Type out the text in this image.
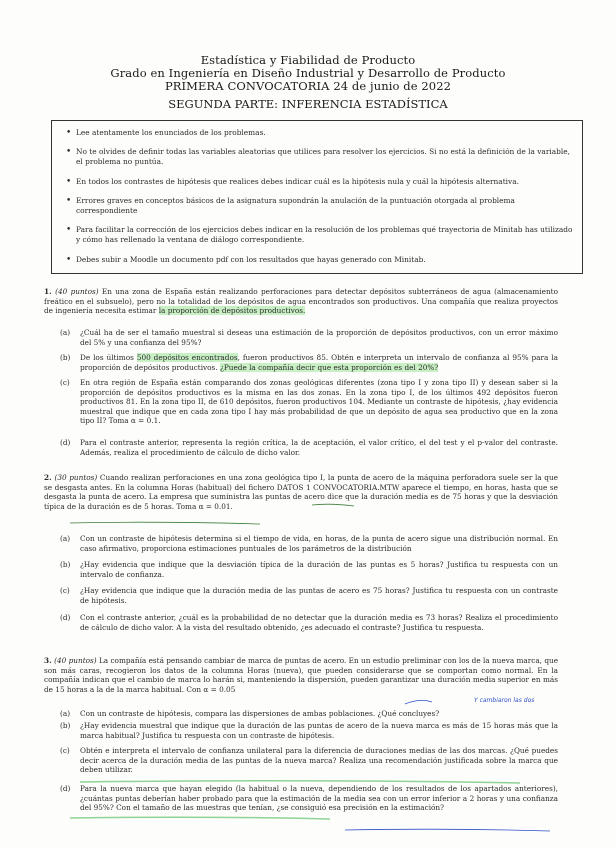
Estadística y Fiabilidad de Producto
Grado en Ingeniería en Diseño Industrial y Desarrollo de Producto
PRIMERA CONVOCATORIA 24 de junio de 2022
SEGUNDA PARTE: INFERENCIA ESTADÍSTICA
• Lee atentamente los enunciados de los problemas.
• No te olvides de definir todas las variables aleatorias que utilices para resolver los ejercicios. Si no está la definición de la variable, el problema no puntúa.
• En todos los contrastes de hipótesis que realices debes indicar cuál es la hipótesis nula y cuál la hipótesis alternativa.
• Errores graves en conceptos básicos de la asignatura supondrán la anulación de la puntuación otorgada al problema correspondiente
• Para facilitar la corrección de los ejercicios debes indicar en la resolución de los problemas qué trayectoria de Minitab has utilizado y cómo has rellenado la ventana de diálogo correspondiente.
• Debes subir a Moodle un documento pdf con los resultados que hayas generado con Minitab.
1. (40 puntos) En una zona de España están realizando perforaciones para detectar depósitos subterráneos de agua (almacenamiento freático en el subsuelo), pero no la totalidad de los depósitos de agua encontrados son productivos. Una compañía que realiza proyectos de ingeniería necesita estimar la proporción de depósitos productivos.
(a) ¿Cuál ha de ser el tamaño muestral si deseas una estimación de la proporción de depósitos productivos, con un error máximo del 5% y una confianza del 95%?
(b) De los últimos 500 depósitos encontrados, fueron productivos 85. Obtén e interpreta un intervalo de confianza al 95% para la proporción de depósitos productivos. ¿Puede la compañía decir que esta proporción es del 20%?
(c) En otra región de España están comparando dos zonas geológicas diferentes (zona tipo I y zona tipo II) y desean saber si la proporción de depósitos productivos es la misma en las dos zonas. En la zona tipo I, de los últimos 492 depósitos fueron productivos 81. En la zona tipo II, de 610 depósitos, fueron productivos 104. Mediante un contraste de hipótesis, ¿hay evidencia muestral que indique que en cada zona tipo I hay más probabilidad de que un depósito de agua sea productivo que en la zona tipo II? Toma α = 0.1.
(d) Para el contraste anterior, representa la región crítica, la de aceptación, el valor crítico, el del test y el p-valor del contraste. Además, realiza el procedimiento de cálculo de dicho valor.
2. (30 puntos) Cuando realizan perforaciones en una zona geológica tipo I, la punta de acero de la máquina perforadora suele ser la que se desgasta antes. En la columna Horas (habitual) del fichero DATOS 1 CONVOCATORIA.MTW aparece el tiempo, en horas, hasta que se desgasta la punta de acero. La empresa que suministra las puntas de acero dice que la duración media es de 75 horas y que la desviación típica de la duración es de 5 horas. Toma α = 0.01.
(a) Con un contraste de hipótesis determina si el tiempo de vida, en horas, de la punta de acero sigue una distribución normal. En caso afirmativo, proporciona estimaciones puntuales de los parámetros de la distribución
(b) ¿Hay evidencia que indique que la desviación típica de la duración de las puntas es 5 horas? Justifica tu respuesta con un intervalo de confianza.
(c) ¿Hay evidencia que indique que la duración media de las puntas de acero es 75 horas? Justifica tu respuesta con un contraste de hipótesis.
(d) Con el contraste anterior, ¿cuál es la probabilidad de no detectar que la duración media es 73 horas? Realiza el procedimiento de cálculo de dicho valor. A la vista del resultado obtenido, ¿es adecuado el contraste? Justifica tu respuesta.
3. (40 puntos) La compañía está pensando cambiar de marca de puntas de acero. En un estudio preliminar con los de la nueva marca, que son más caras, recogieron los datos de la columna Horas (nueva), que pueden considerarse que se comportan como normal. En la compañía indican que el cambio de marca lo harán si, manteniendo la dispersión, pueden garantizar una duración media superior en más de 15 horas a la de la marca habitual. Con α = 0.05
Y cambiaron las dos
(a) Con un contraste de hipótesis, compara las dispersiones de ambas poblaciones. ¿Qué concluyes?
(b) ¿Hay evidencia muestral que indique que la duración de las puntas de acero de la nueva marca es más de 15 horas más que la marca habitual? Justifica tu respuesta con un contraste de hipótesis.
(c) Obtén e interpreta el intervalo de confianza unilateral para la diferencia de duraciones medias de las dos marcas. ¿Qué puedes decir acerca de la duración media de las puntas de la nueva marca? Realiza una recomendación justificada sobre la marca que deben utilizar.
(d) Para la nueva marca que hayan elegido (la habitual o la nueva, dependiendo de los resultados de los apartados anteriores), ¿cuántas puntas deberían haber probado para que la estimación de la media sea con un error inferior a 2 horas y una confianza del 95%? Con el tamaño de las muestras que tenían, ¿se consiguió esa precisión en la estimación?
